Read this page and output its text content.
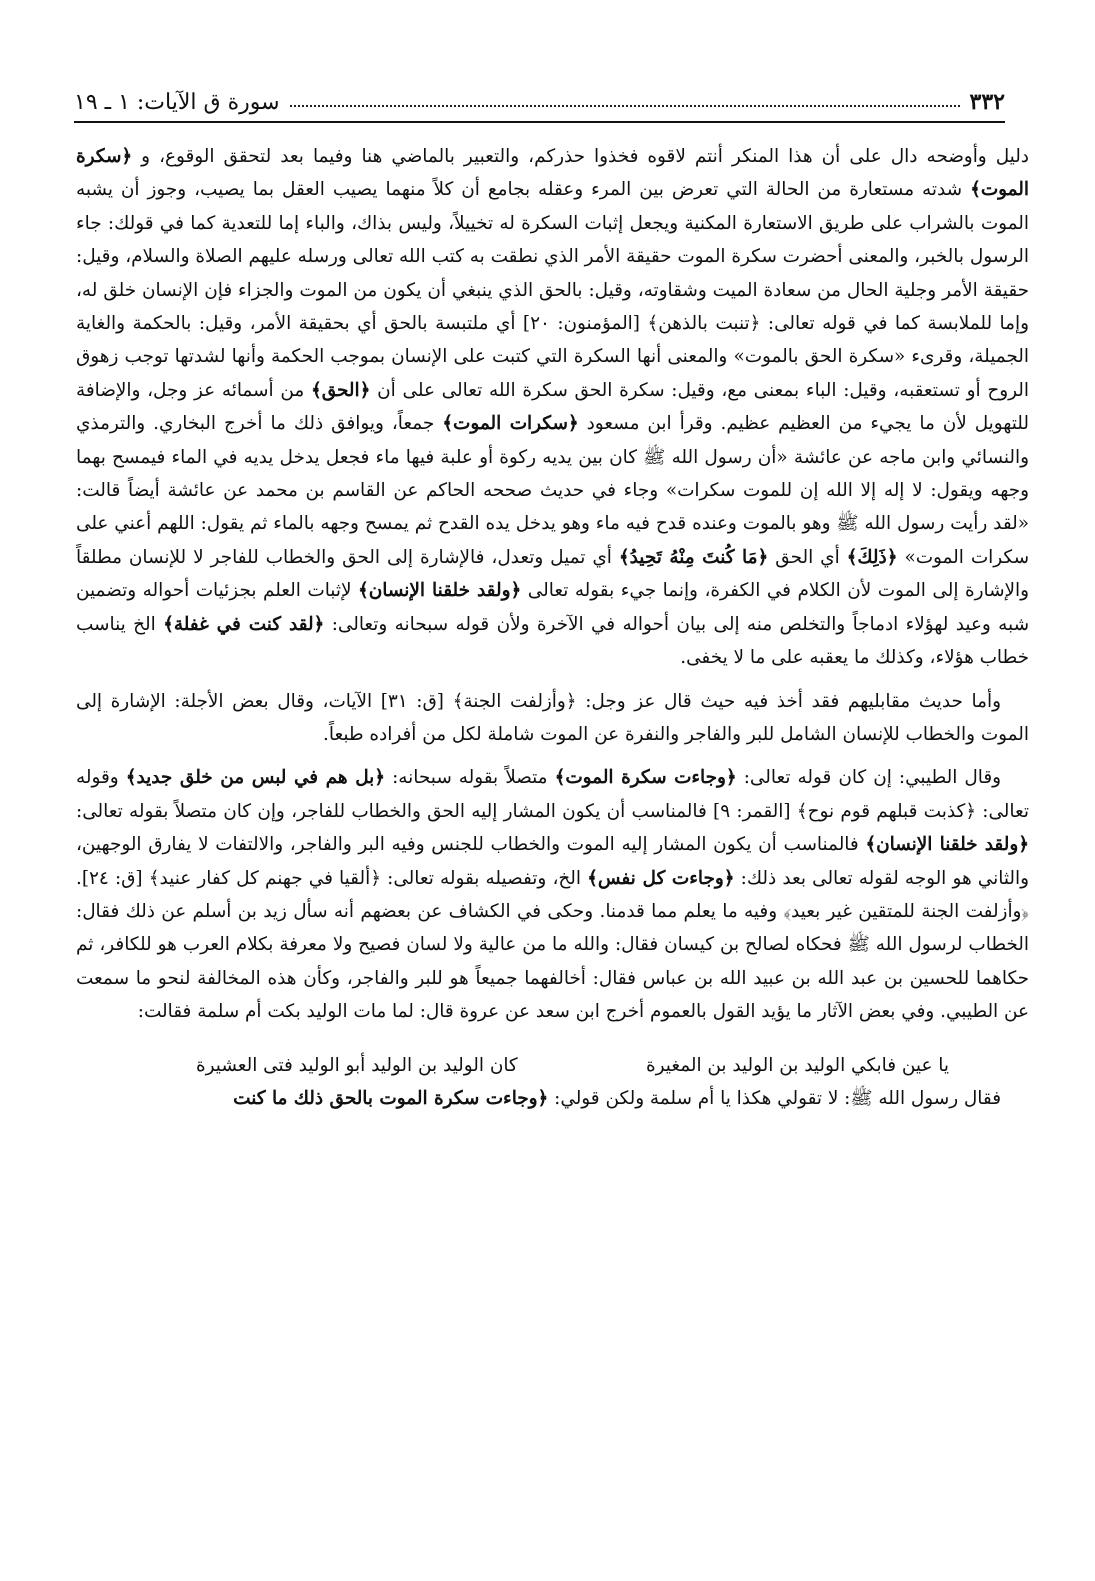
٣٣٢
سورة ق الآيات: ١ ـ ١٩

دليل وأوضحه دال على أن هذا المنكر أنتم لاقوه فخذوا حذركم، والتعبير بالماضي هنا وفيما بعد لتحقق الوقوع، و ﴿سكرة الموت﴾ شدته مستعارة من الحالة التي تعرض بين المرء وعقله بجامع أن كلاً منهما يصيب العقل بما يصيب، وجوز أن يشبه الموت بالشراب على طريق الاستعارة المكنية ويجعل إثبات السكرة له تخييلاً، وليس بذاك، والباء إما للتعدية كما في قولك: جاء الرسول بالخبر، والمعنى أحضرت سكرة الموت حقيقة الأمر الذي نطقت به كتب الله تعالى ورسله عليهم الصلاة والسلام، وقيل: حقيقة الأمر وجلية الحال من سعادة الميت وشقاوته، وقيل: بالحق الذي ينبغي أن يكون من الموت والجزاء فإن الإنسان خلق له، وإما للملابسة كما في قوله تعالى: ﴿تنبت بالذهن﴾ [المؤمنون: ٢٠] أي ملتبسة بالحق أي بحقيقة الأمر، وقيل: بالحكمة والغاية الجميلة، وقرىء «سكرة الحق بالموت» والمعنى أنها السكرة التي كتبت على الإنسان بموجب الحكمة وأنها لشدتها توجب زهوق الروح أو تستعقبه، وقيل: الباء بمعنى مع، وقيل: سكرة الحق سكرة الله تعالى على أن ﴿الحق﴾ من أسمائه عز وجل، والإضافة للتهويل لأن ما يجيء من العظيم عظيم. وقرأ ابن مسعود ﴿سكرات الموت﴾ جمعاً، ويوافق ذلك ما أخرج البخاري. والترمذي والنسائي وابن ماجه عن عائشة «أن رسول الله ﷺ كان بين يديه ركوة أو علبة فيها ماء فجعل يدخل يديه في الماء فيمسح بهما وجهه ويقول: لا إله إلا الله إن للموت سكرات» وجاء في حديث صححه الحاكم عن القاسم بن محمد عن عائشة أيضاً قالت: «لقد رأيت رسول الله ﷺ وهو بالموت وعنده قدح فيه ماء وهو يدخل يده القدح ثم يمسح وجهه بالماء ثم يقول: اللهم أعني على سكرات الموت» ﴿ذَلِكَ﴾ أي الحق ﴿مَا كُنتَ مِنْهُ تَحِيدُ﴾ أي تميل وتعدل، فالإشارة إلى الحق والخطاب للفاجر لا للإنسان مطلقاً والإشارة إلى الموت لأن الكلام في الكفرة، وإنما جيء بقوله تعالى ﴿ولقد خلقنا الإنسان﴾ لإثبات العلم بجزئيات أحواله وتضمين شبه وعيد لهؤلاء ادماجاً والتخلص منه إلى بيان أحواله في الآخرة ولأن قوله سبحانه وتعالى: ﴿لقد كنت في غفلة﴾ الخ يناسب خطاب هؤلاء، وكذلك ما يعقبه على ما لا يخفى.

وأما حديث مقابليهم فقد أخذ فيه حيث قال عز وجل: ﴿وأزلفت الجنة﴾ [ق: ٣١] الآيات، وقال بعض الأجلة: الإشارة إلى الموت والخطاب للإنسان الشامل للبر والفاجر والنفرة عن الموت شاملة لكل من أفراده طبعاً.

وقال الطيبي: إن كان قوله تعالى: ﴿وجاءت سكرة الموت﴾ متصلاً بقوله سبحانه: ﴿بل هم في لبس من خلق جديد﴾ وقوله تعالى: ﴿كذبت قبلهم قوم نوح﴾ [القمر: ٩] فالمناسب أن يكون المشار إليه الحق والخطاب للفاجر، وإن كان متصلاً بقوله تعالى: ﴿ولقد خلقنا الإنسان﴾ فالمناسب أن يكون المشار إليه الموت والخطاب للجنس وفيه البر والفاجر، والالتفات لا يفارق الوجهين، والثاني هو الوجه لقوله تعالى بعد ذلك: ﴿وجاءت كل نفس﴾ الخ، وتفصيله بقوله تعالى: ﴿ألقيا في جهنم كل كفار عنيد﴾ [ق: ٢٤]. ﴿وأزلفت الجنة للمتقين غير بعيد﴾ وفيه ما يعلم مما قدمنا. وحكى في الكشاف عن بعضهم أنه سأل زيد بن أسلم عن ذلك فقال: الخطاب لرسول الله ﷺ فحكاه لصالح بن كيسان فقال: والله ما من عالية ولا لسان فصيح ولا معرفة بكلام العرب هو للكافر، ثم حكاهما للحسين بن عبد الله بن عبيد الله بن عباس فقال: أخالفهما جميعاً هو للبر والفاجر، وكأن هذه المخالفة لنحو ما سمعت عن الطيبي. وفي بعض الآثار ما يؤيد القول بالعموم أخرج ابن سعد عن عروة قال: لما مات الوليد بكت أم سلمة فقالت:

يا عين فابكي الوليد بن الوليد بن المغيرة
كان الوليد بن الوليد أبو الوليد فتى العشيرة

فقال رسول الله ﷺ: لا تقولي هكذا يا أم سلمة ولكن قولي: ﴿وجاءت سكرة الموت بالحق ذلك ما كنت
